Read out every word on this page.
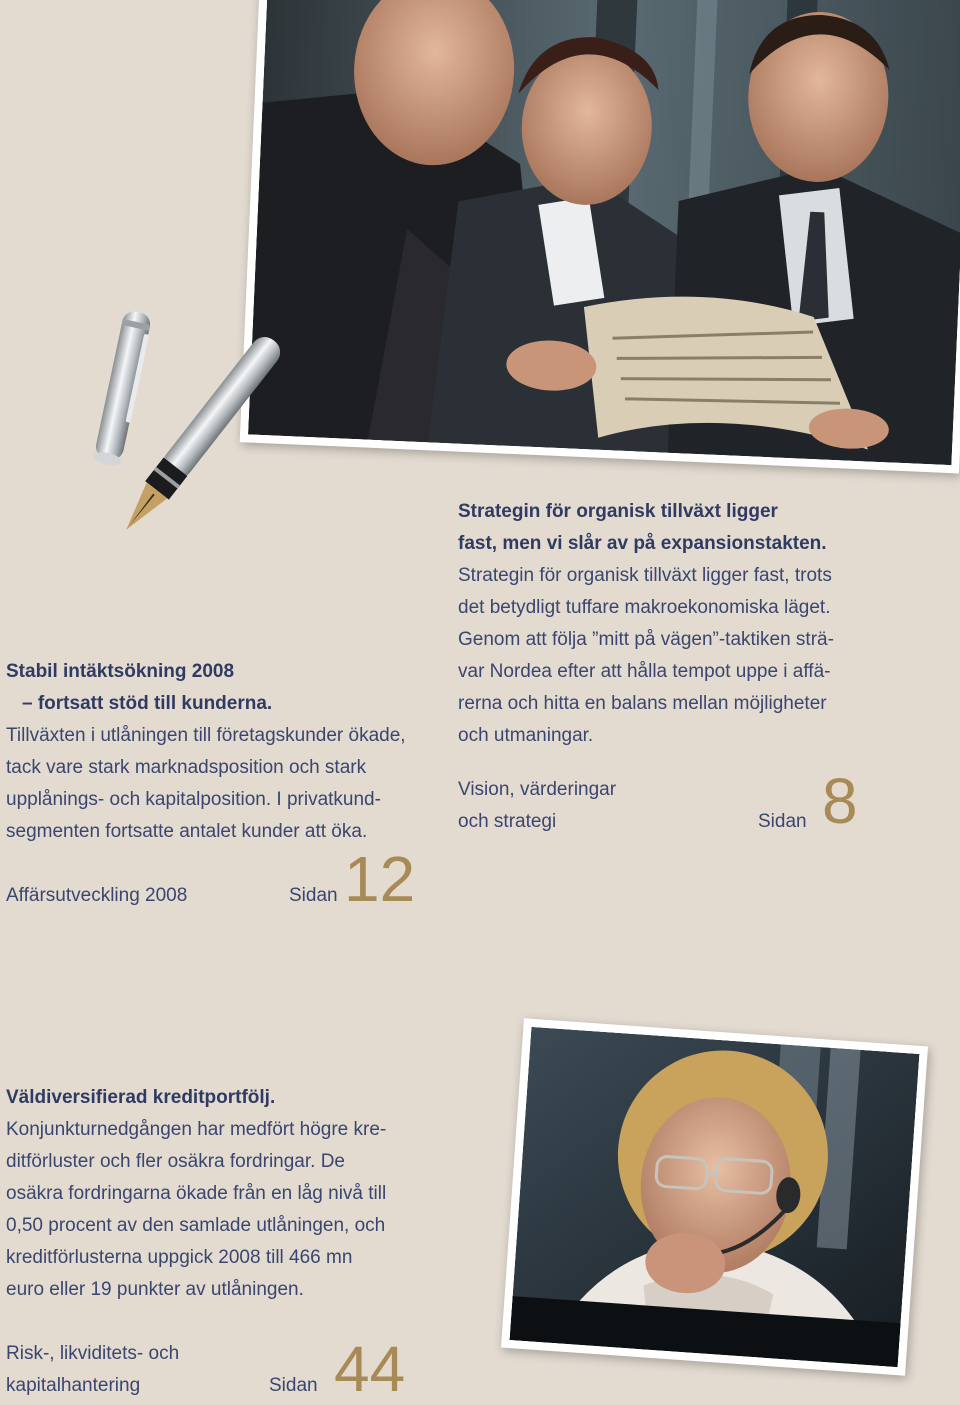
Strategin för organisk tillväxt ligger

fast, men vi slår av på expansionstakten.

Strategin för organisk tillväxt ligger fast, trots

det betydligt tuffare makroekonomiska läget.

Genom att följa ”mitt på vägen”-taktiken strä-

var Nordea efter att hålla tempot uppe i affä-

rerna och hitta en balans mellan möjligheter

och utmaningar.

Vision, värderingar
och strategi	Sidan 8

Stabil intäktsökning 2008

– fortsatt stöd till kunderna.

Tillväxten i utlåningen till företagskunder ökade,

tack vare stark marknadsposition och stark

upplånings- och kapitalposition. I privatkund-

segmenten fortsatte antalet kunder att öka.

Affärsutveckling 2008	Sidan 12

Väldiversifierad kreditportfölj.

Konjunkturnedgången har medfört högre kre-

ditförluster och fler osäkra fordringar. De

osäkra fordringarna ökade från en låg nivå till

0,50 procent av den samlade utlåningen, och

kreditförlusterna uppgick 2008 till 466 mn

euro eller 19 punkter av utlåningen.

Risk-, likviditets- och
kapitalhantering	Sidan 44
